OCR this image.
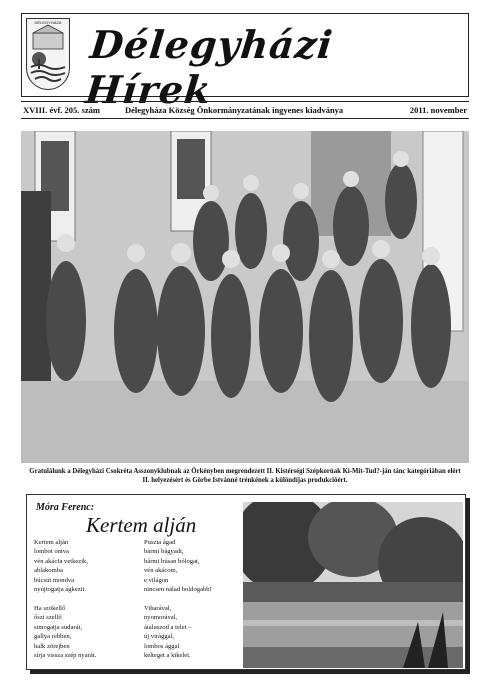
DÉLEGYHÁZA Délegyházi Hírek
XVIII. évf. 205. szám	Délegyháza Község Önkormányzatának ingyenes kiadványa	2011. november
Gratulálunk a Délegyházi Csokréta Asszonyklubnak az Örkényben megrendezett II. Kistérségi Szépkorúak Ki-Mit-Tud?-ján tánc kategóriában elért
II. helyezésért és Görbe Istvánné trénkének a különdíjas produkcióért.
Móra Ferenc:
Kertem alján
Kertem alján
lombot ontva
vén akácfa vetkezik,
ablakomba
búcsút mondva
nyújtogatja ágkezit.
Ha szökellő
őszi szellő
simogatja sudarát,
gallya rebben,
halk zörejben
sírja vissza szép nyarát.
Puszta ágad
bármi bágyadt,
bármi búsan bólogat,
vén akácom,
e világon
nincsen nálad boldogabb!
Viharával,
nyomorával,
átaluszod a telet –
új virággal,
lombos ággal
kelteget a kikelet.
